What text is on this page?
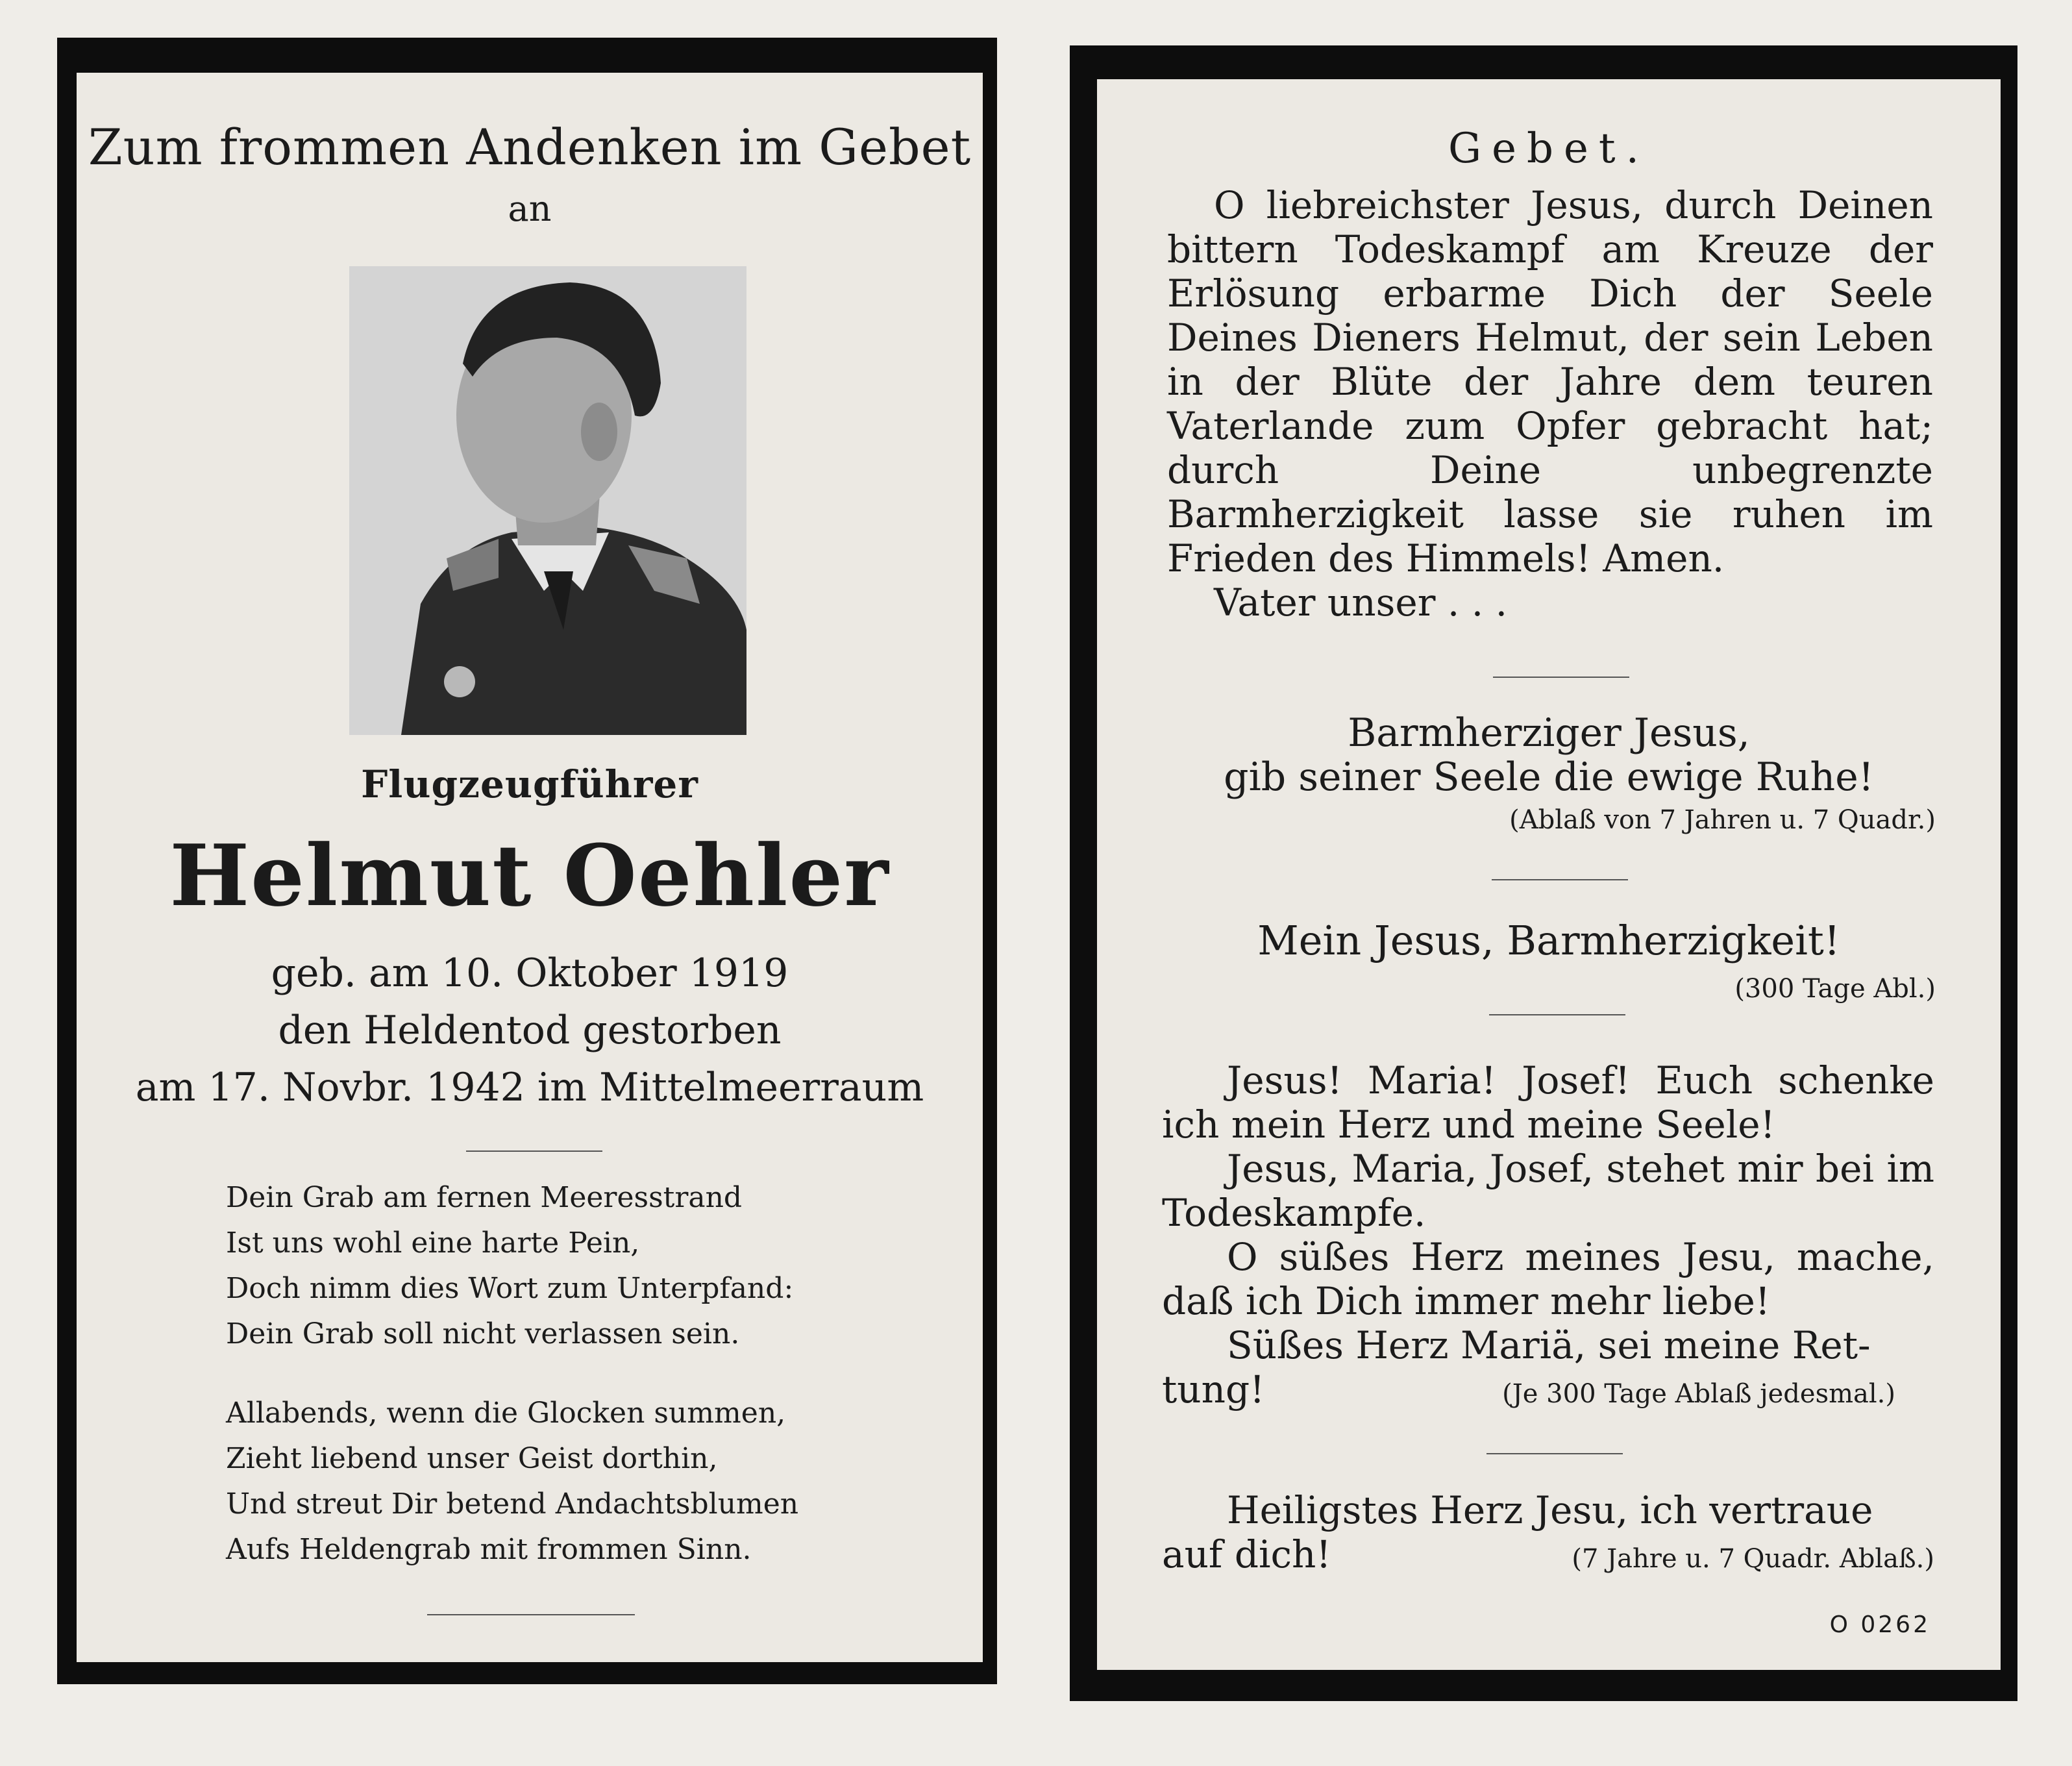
Zum frommen Andenken im Gebet
an
Flugzeugführer
Helmut Oehler
geb. am 10. Oktober 1919
den Heldentod gestorben
am 17. Novbr. 1942 im Mittelmeerraum
Dein Grab am fernen Meeresstrand
Ist uns wohl eine harte Pein,
Doch nimm dies Wort zum Unterpfand:
Dein Grab soll nicht verlassen sein.
Allabends, wenn die Glocken summen,
Zieht liebend unser Geist dorthin,
Und streut Dir betend Andachtsblumen
Aufs Heldengrab mit frommen Sinn.
Gebet.

O liebreichster Jesus, durch Deinen bittern Todeskampf am Kreuze der Erlösung erbarme Dich der Seele Deines Dieners Helmut, der sein Leben in der Blüte der Jahre dem teuren Vaterlande zum Opfer gebracht hat; durch Deine unbegrenzte Barmherzigkeit lasse sie ruhen im Frieden des Himmels! Amen.

Vater unser . . .

Barmherziger Jesus,
gib seiner Seele die ewige Ruhe!
(Ablaß von 7 Jahren u. 7 Quadr.)
Mein Jesus, Barmherzigkeit!
(300 Tage Abl.)

Jesus! Maria! Josef! Euch schenke ich mein Herz und meine Seele!

Jesus, Maria, Josef, stehet mir bei im Todeskampfe.

O süßes Herz meines Jesu, mache, daß ich Dich immer mehr liebe!

Süßes Herz Mariä, sei meine Ret-

tung!	(Je 300 Tage Ablaß jedesmal.)

Heiligstes Herz Jesu, ich vertraue

auf dich!	(7 Jahre u. 7 Quadr. Ablaß.)
O 0262
